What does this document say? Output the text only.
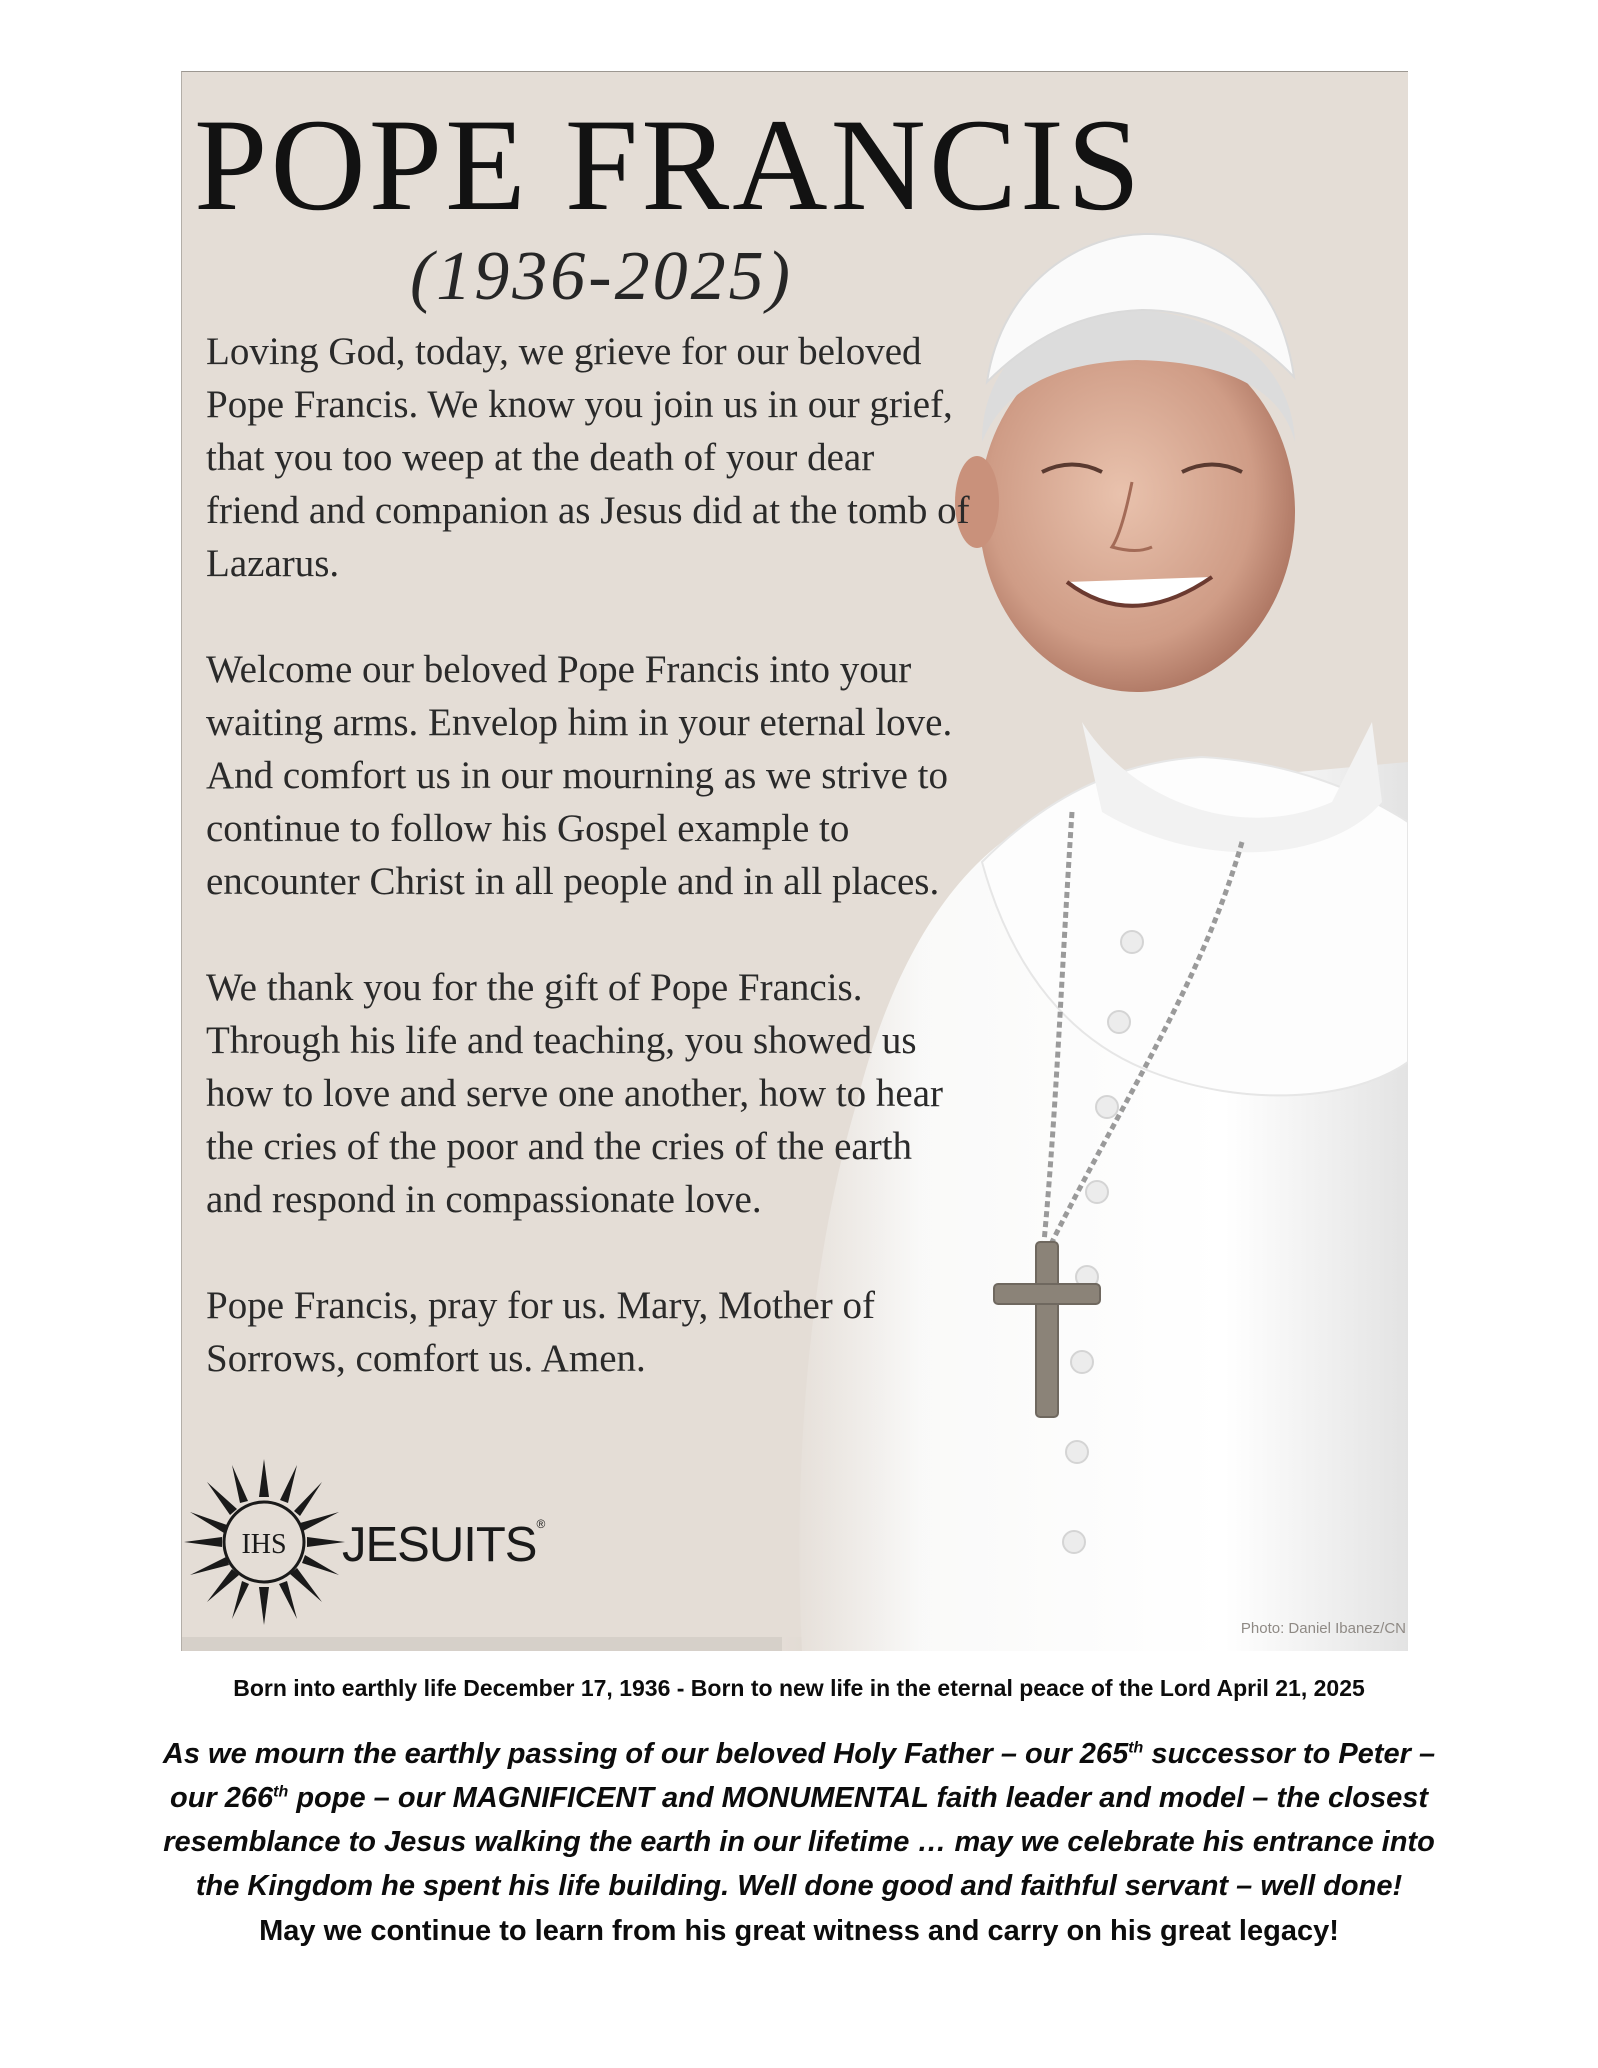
POPE FRANCIS
(1936-2025)

Loving God, today, we grieve for our beloved Pope Francis. We know you join us in our grief, that you too weep at the death of your dear friend and companion as Jesus did at the tomb of Lazarus.

Welcome our beloved Pope Francis into your waiting arms. Envelop him in your eternal love. And comfort us in our mourning as we strive to continue to follow his Gospel example to encounter Christ in all people and in all places.

We thank you for the gift of Pope Francis. Through his life and teaching, you showed us how to love and serve one another, how to hear the cries of the poor and the cries of the earth and respond in compassionate love.

Pope Francis, pray for us. Mary, Mother of Sorrows, comfort us. Amen.

IHS JESUITS®
Photo: Daniel Ibanez/CN
Born into earthly life December 17, 1936 - Born to new life in the eternal peace of the Lord April 21, 2025
As we mourn the earthly passing of our beloved Holy Father – our 265th successor to Peter –
our 266th pope – our MAGNIFICENT and MONUMENTAL faith leader and model – the closest
resemblance to Jesus walking the earth in our lifetime … may we celebrate his entrance into
the Kingdom he spent his life building. Well done good and faithful servant – well done!
May we continue to learn from his great witness and carry on his great legacy!
